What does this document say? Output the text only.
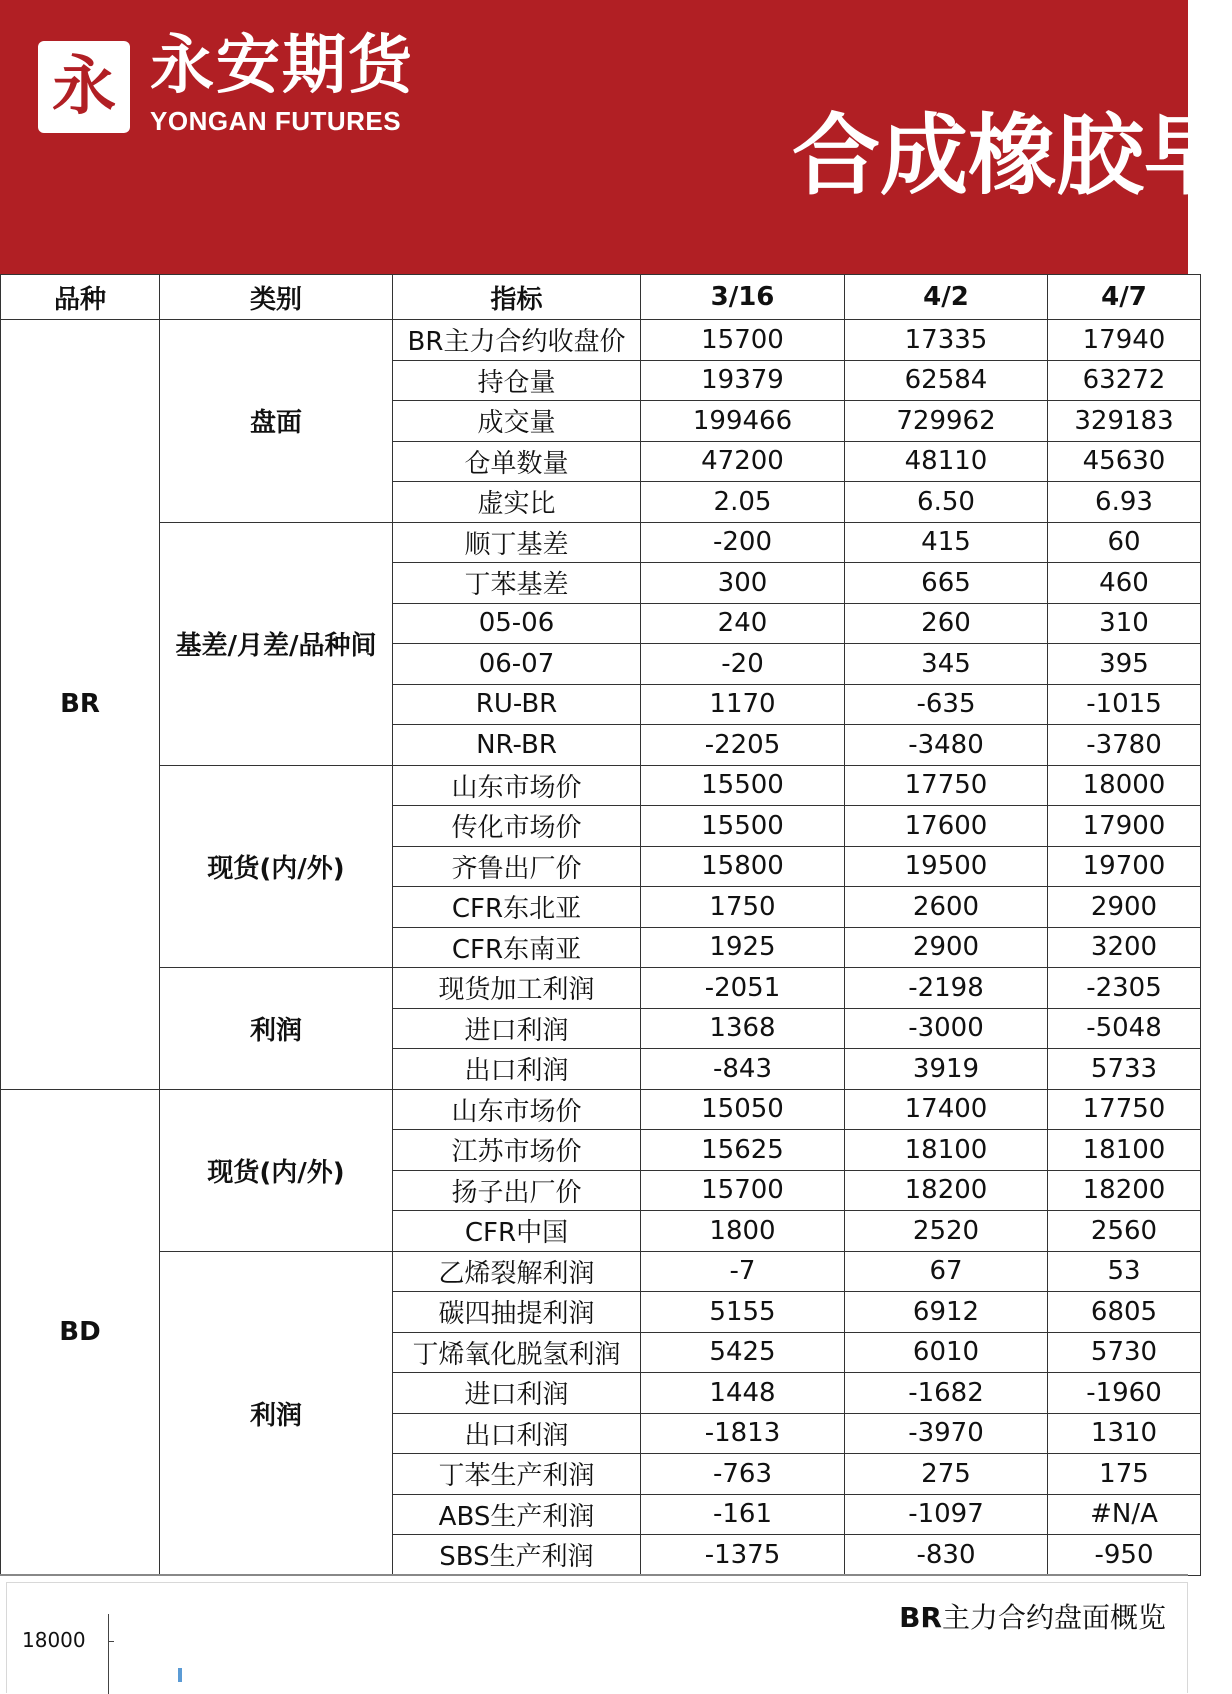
永 永安期货
YONGAN FUTURES	合成橡胶早
品种	类别	指标	3/16	4/2	4/7
BR	盘面	BR主力合约收盘价	15700	17335	17940
		持仓量	19379	62584	63272
		成交量	199466	729962	329183
		仓单数量	47200	48110	45630
		虚实比	2.05	6.50	6.93
	基差/月差/品种间	顺丁基差	-200	415	60
		丁苯基差	300	665	460
		05-06	240	260	310
		06-07	-20	345	395
		RU-BR	1170	-635	-1015
		NR-BR	-2205	-3480	-3780
	现货(内/外)	山东市场价	15500	17750	18000
		传化市场价	15500	17600	17900
		齐鲁出厂价	15800	19500	19700
		CFR东北亚	1750	2600	2900
		CFR东南亚	1925	2900	3200
	利润	现货加工利润	-2051	-2198	-2305
		进口利润	1368	-3000	-5048
		出口利润	-843	3919	5733
BD	现货(内/外)	山东市场价	15050	17400	17750
		江苏市场价	15625	18100	18100
		扬子出厂价	15700	18200	18200
		CFR中国	1800	2520	2560
	利润	乙烯裂解利润	-7	67	53
		碳四抽提利润	5155	6912	6805
		丁烯氧化脱氢利润	5425	6010	5730
		进口利润	1448	-1682	-1960
		出口利润	-1813	-3970	1310
		丁苯生产利润	-763	275	175
		ABS生产利润	-161	-1097	#N/A
		SBS生产利润	-1375	-830	-950
BR主力合约盘面概览
18000
